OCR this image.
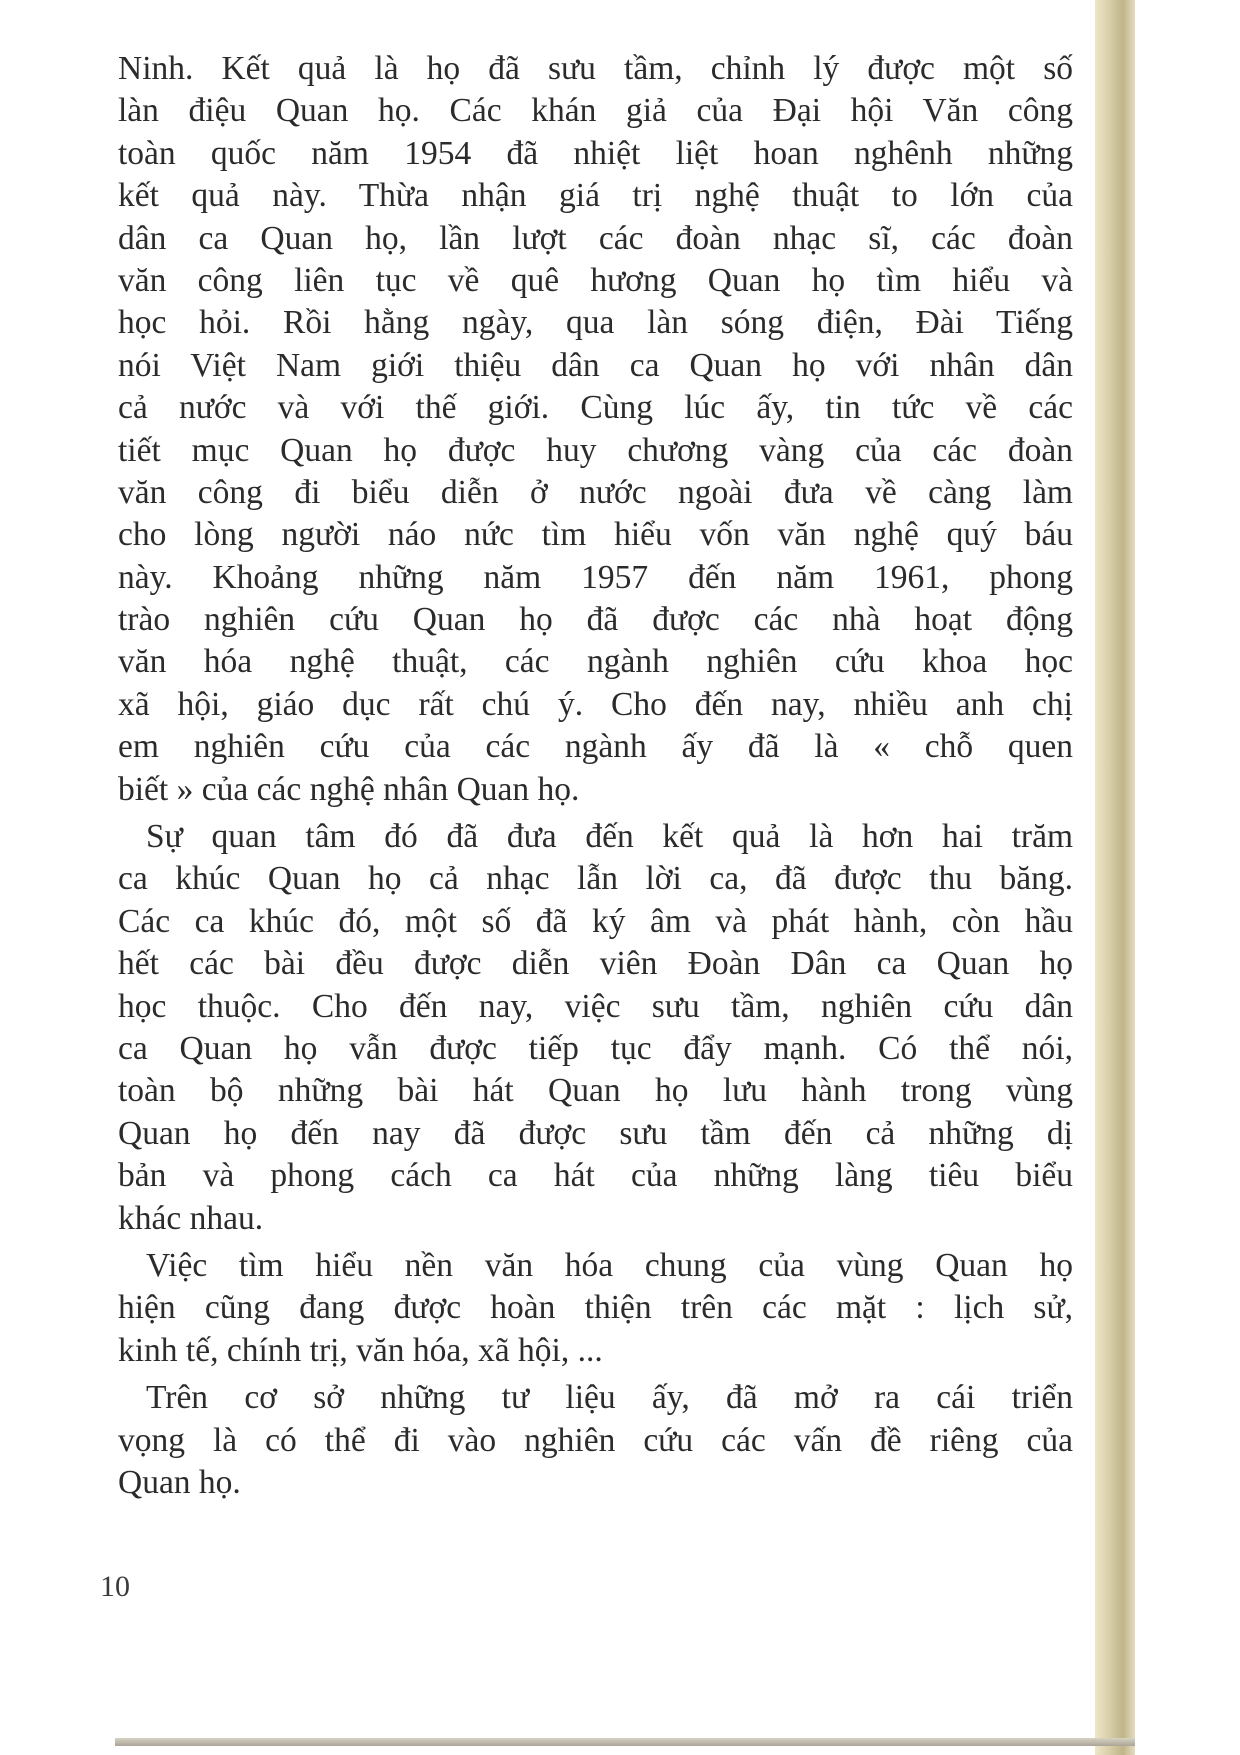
Ninh. Kết quả là họ đã sưu tầm, chỉnh lý được một số
làn điệu Quan họ. Các khán giả của Đại hội Văn công
toàn quốc năm 1954 đã nhiệt liệt hoan nghênh những
kết quả này. Thừa nhận giá trị nghệ thuật to lớn của
dân ca Quan họ, lần lượt các đoàn nhạc sĩ, các đoàn
văn công liên tục về quê hương Quan họ tìm hiểu và
học hỏi. Rồi hằng ngày, qua làn sóng điện, Đài Tiếng
nói Việt Nam giới thiệu dân ca Quan họ với nhân dân
cả nước và với thế giới. Cùng lúc ấy, tin tức về các
tiết mục Quan họ được huy chương vàng của các đoàn
văn công đi biểu diễn ở nước ngoài đưa về càng làm
cho lòng người náo nức tìm hiểu vốn văn nghệ quý báu
này. Khoảng những năm 1957 đến năm 1961, phong
trào nghiên cứu Quan họ đã được các nhà hoạt động
văn hóa nghệ thuật, các ngành nghiên cứu khoa học
xã hội, giáo dục rất chú ý. Cho đến nay, nhiều anh chị
em nghiên cứu của các ngành ấy đã là « chỗ quen
biết » của các nghệ nhân Quan họ.
Sự quan tâm đó đã đưa đến kết quả là hơn hai trăm
ca khúc Quan họ cả nhạc lẫn lời ca, đã được thu băng.
Các ca khúc đó, một số đã ký âm và phát hành, còn hầu
hết các bài đều được diễn viên Đoàn Dân ca Quan họ
học thuộc. Cho đến nay, việc sưu tầm, nghiên cứu dân
ca Quan họ vẫn được tiếp tục đẩy mạnh. Có thể nói,
toàn bộ những bài hát Quan họ lưu hành trong vùng
Quan họ đến nay đã được sưu tầm đến cả những dị
bản và phong cách ca hát của những làng tiêu biểu
khác nhau.
Việc tìm hiểu nền văn hóa chung của vùng Quan họ
hiện cũng đang được hoàn thiện trên các mặt : lịch sử,
kinh tế, chính trị, văn hóa, xã hội, ...
Trên cơ sở những tư liệu ấy, đã mở ra cái triển
vọng là có thể đi vào nghiên cứu các vấn đề riêng của
Quan họ.
10
